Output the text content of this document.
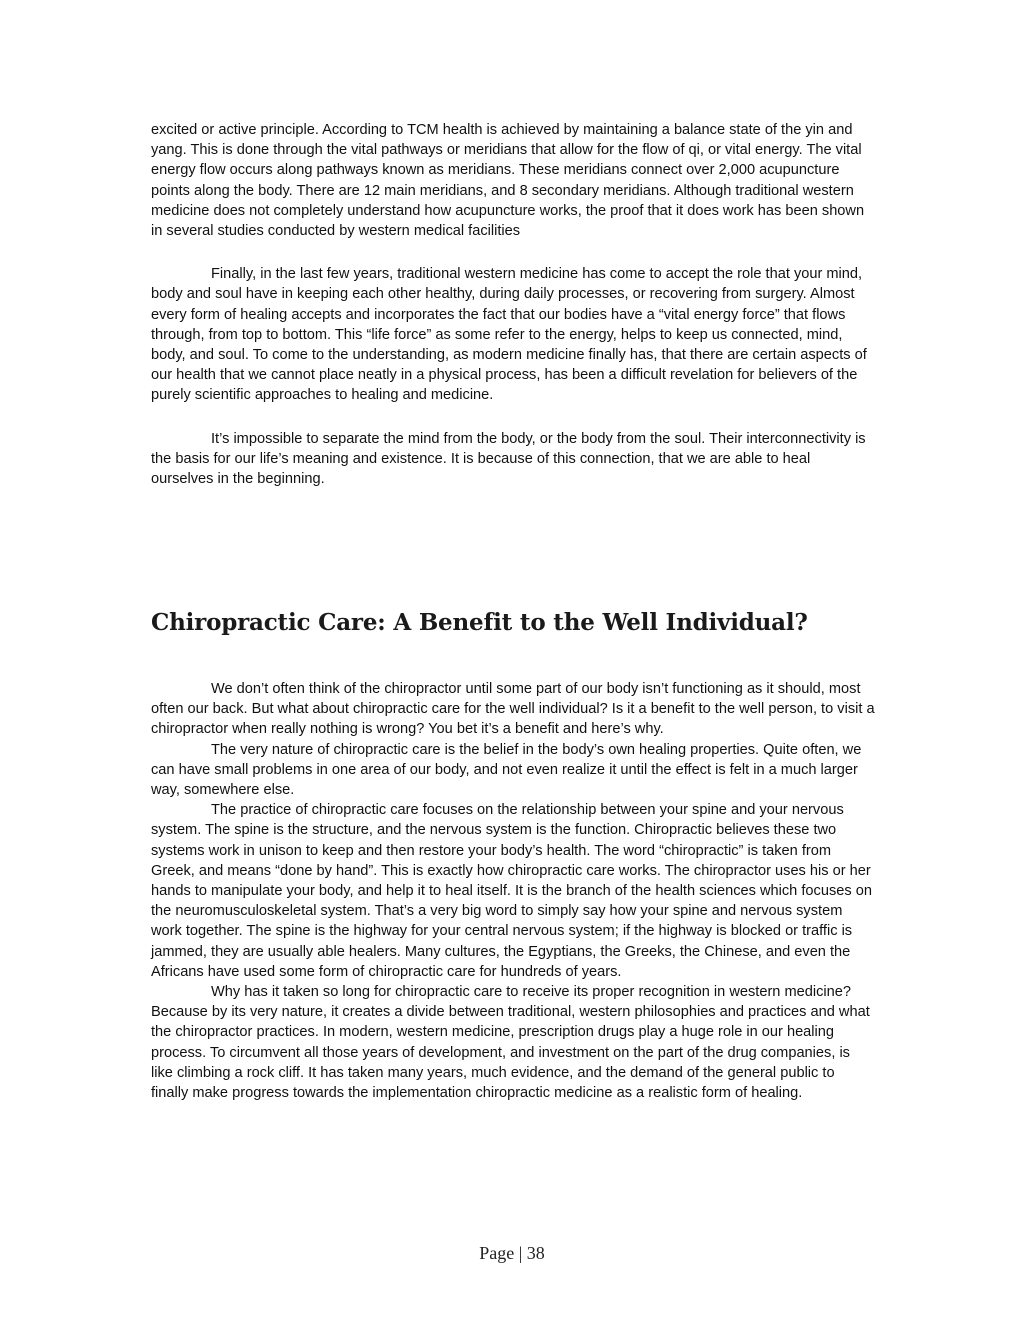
excited or active principle. According to TCM health is achieved by maintaining a balance state of the yin and yang. This is done through the vital pathways or meridians that allow for the flow of qi, or vital energy. The vital energy flow occurs along pathways known as meridians. These meridians connect over 2,000 acupuncture points along the body. There are 12 main meridians, and 8 secondary meridians. Although traditional western medicine does not completely understand how acupuncture works, the proof that it does work has been shown in several studies conducted by western medical facilities

Finally, in the last few years, traditional western medicine has come to accept the role that your mind, body and soul have in keeping each other healthy, during daily processes, or recovering from surgery. Almost every form of healing accepts and incorporates the fact that our bodies have a “vital energy force” that flows through, from top to bottom. This “life force” as some refer to the energy, helps to keep us connected, mind, body, and soul. To come to the understanding, as modern medicine finally has, that there are certain aspects of our health that we cannot place neatly in a physical process, has been a difficult revelation for believers of the purely scientific approaches to healing and medicine.

It’s impossible to separate the mind from the body, or the body from the soul. Their interconnectivity is the basis for our life’s meaning and existence. It is because of this connection, that we are able to heal ourselves in the beginning.

Chiropractic Care: A Benefit to the Well Individual?

We don’t often think of the chiropractor until some part of our body isn’t functioning as it should, most often our back. But what about chiropractic care for the well individual? Is it a benefit to the well person, to visit a chiropractor when really nothing is wrong? You bet it’s a benefit and here’s why.

The very nature of chiropractic care is the belief in the body’s own healing properties. Quite often, we can have small problems in one area of our body, and not even realize it until the effect is felt in a much larger way, somewhere else.

The practice of chiropractic care focuses on the relationship between your spine and your nervous system. The spine is the structure, and the nervous system is the function. Chiropractic believes these two systems work in unison to keep and then restore your body’s health. The word “chiropractic” is taken from Greek, and means “done by hand”. This is exactly how chiropractic care works. The chiropractor uses his or her hands to manipulate your body, and help it to heal itself. It is the branch of the health sciences which focuses on the neuromusculoskeletal system. That’s a very big word to simply say how your spine and nervous system work together. The spine is the highway for your central nervous system; if the highway is blocked or traffic is jammed, they are usually able healers. Many cultures, the Egyptians, the Greeks, the Chinese, and even the Africans have used some form of chiropractic care for hundreds of years.

Why has it taken so long for chiropractic care to receive its proper recognition in western medicine? Because by its very nature, it creates a divide between traditional, western philosophies and practices and what the chiropractor practices. In modern, western medicine, prescription drugs play a huge role in our healing process. To circumvent all those years of development, and investment on the part of the drug companies, is like climbing a rock cliff. It has taken many years, much evidence, and the demand of the general public to finally make progress towards the implementation chiropractic medicine as a realistic form of healing.

Page | 38
